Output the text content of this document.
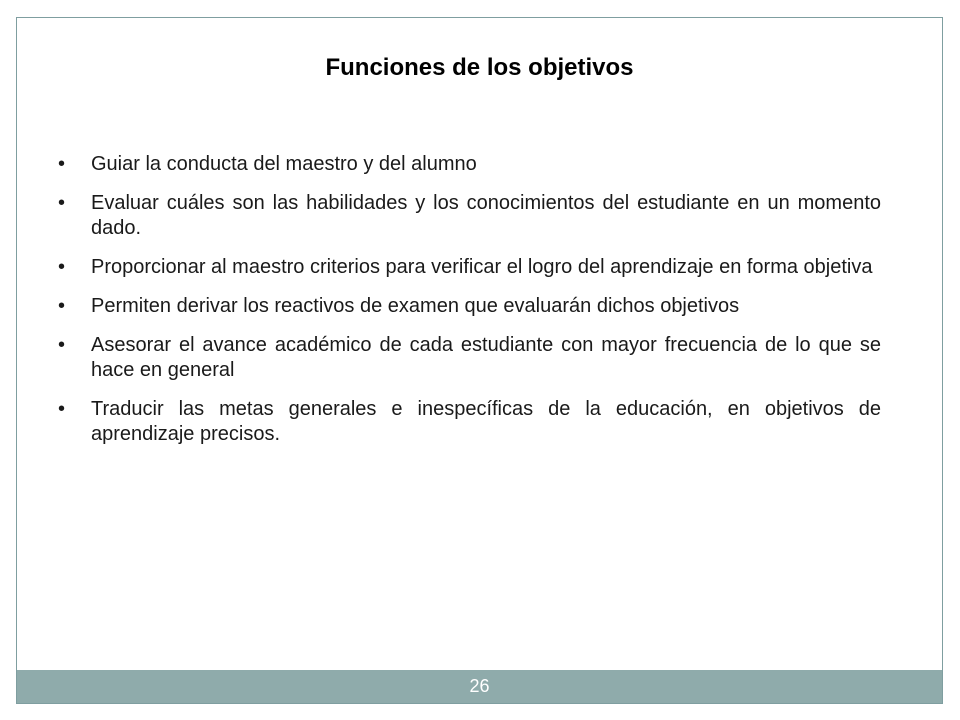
Funciones de los objetivos
• Guiar la conducta del maestro y del alumno
• Evaluar cuáles son las habilidades y los conocimientos del estudiante en un momento dado.
• Proporcionar al maestro criterios para verificar el logro del aprendizaje en forma objetiva
• Permiten derivar los reactivos de examen que evaluarán dichos objetivos
• Asesorar el avance académico de cada estudiante con mayor frecuencia de lo que se hace en general
• Traducir las metas generales e inespecíficas de la educación, en objetivos de aprendizaje precisos.
26
